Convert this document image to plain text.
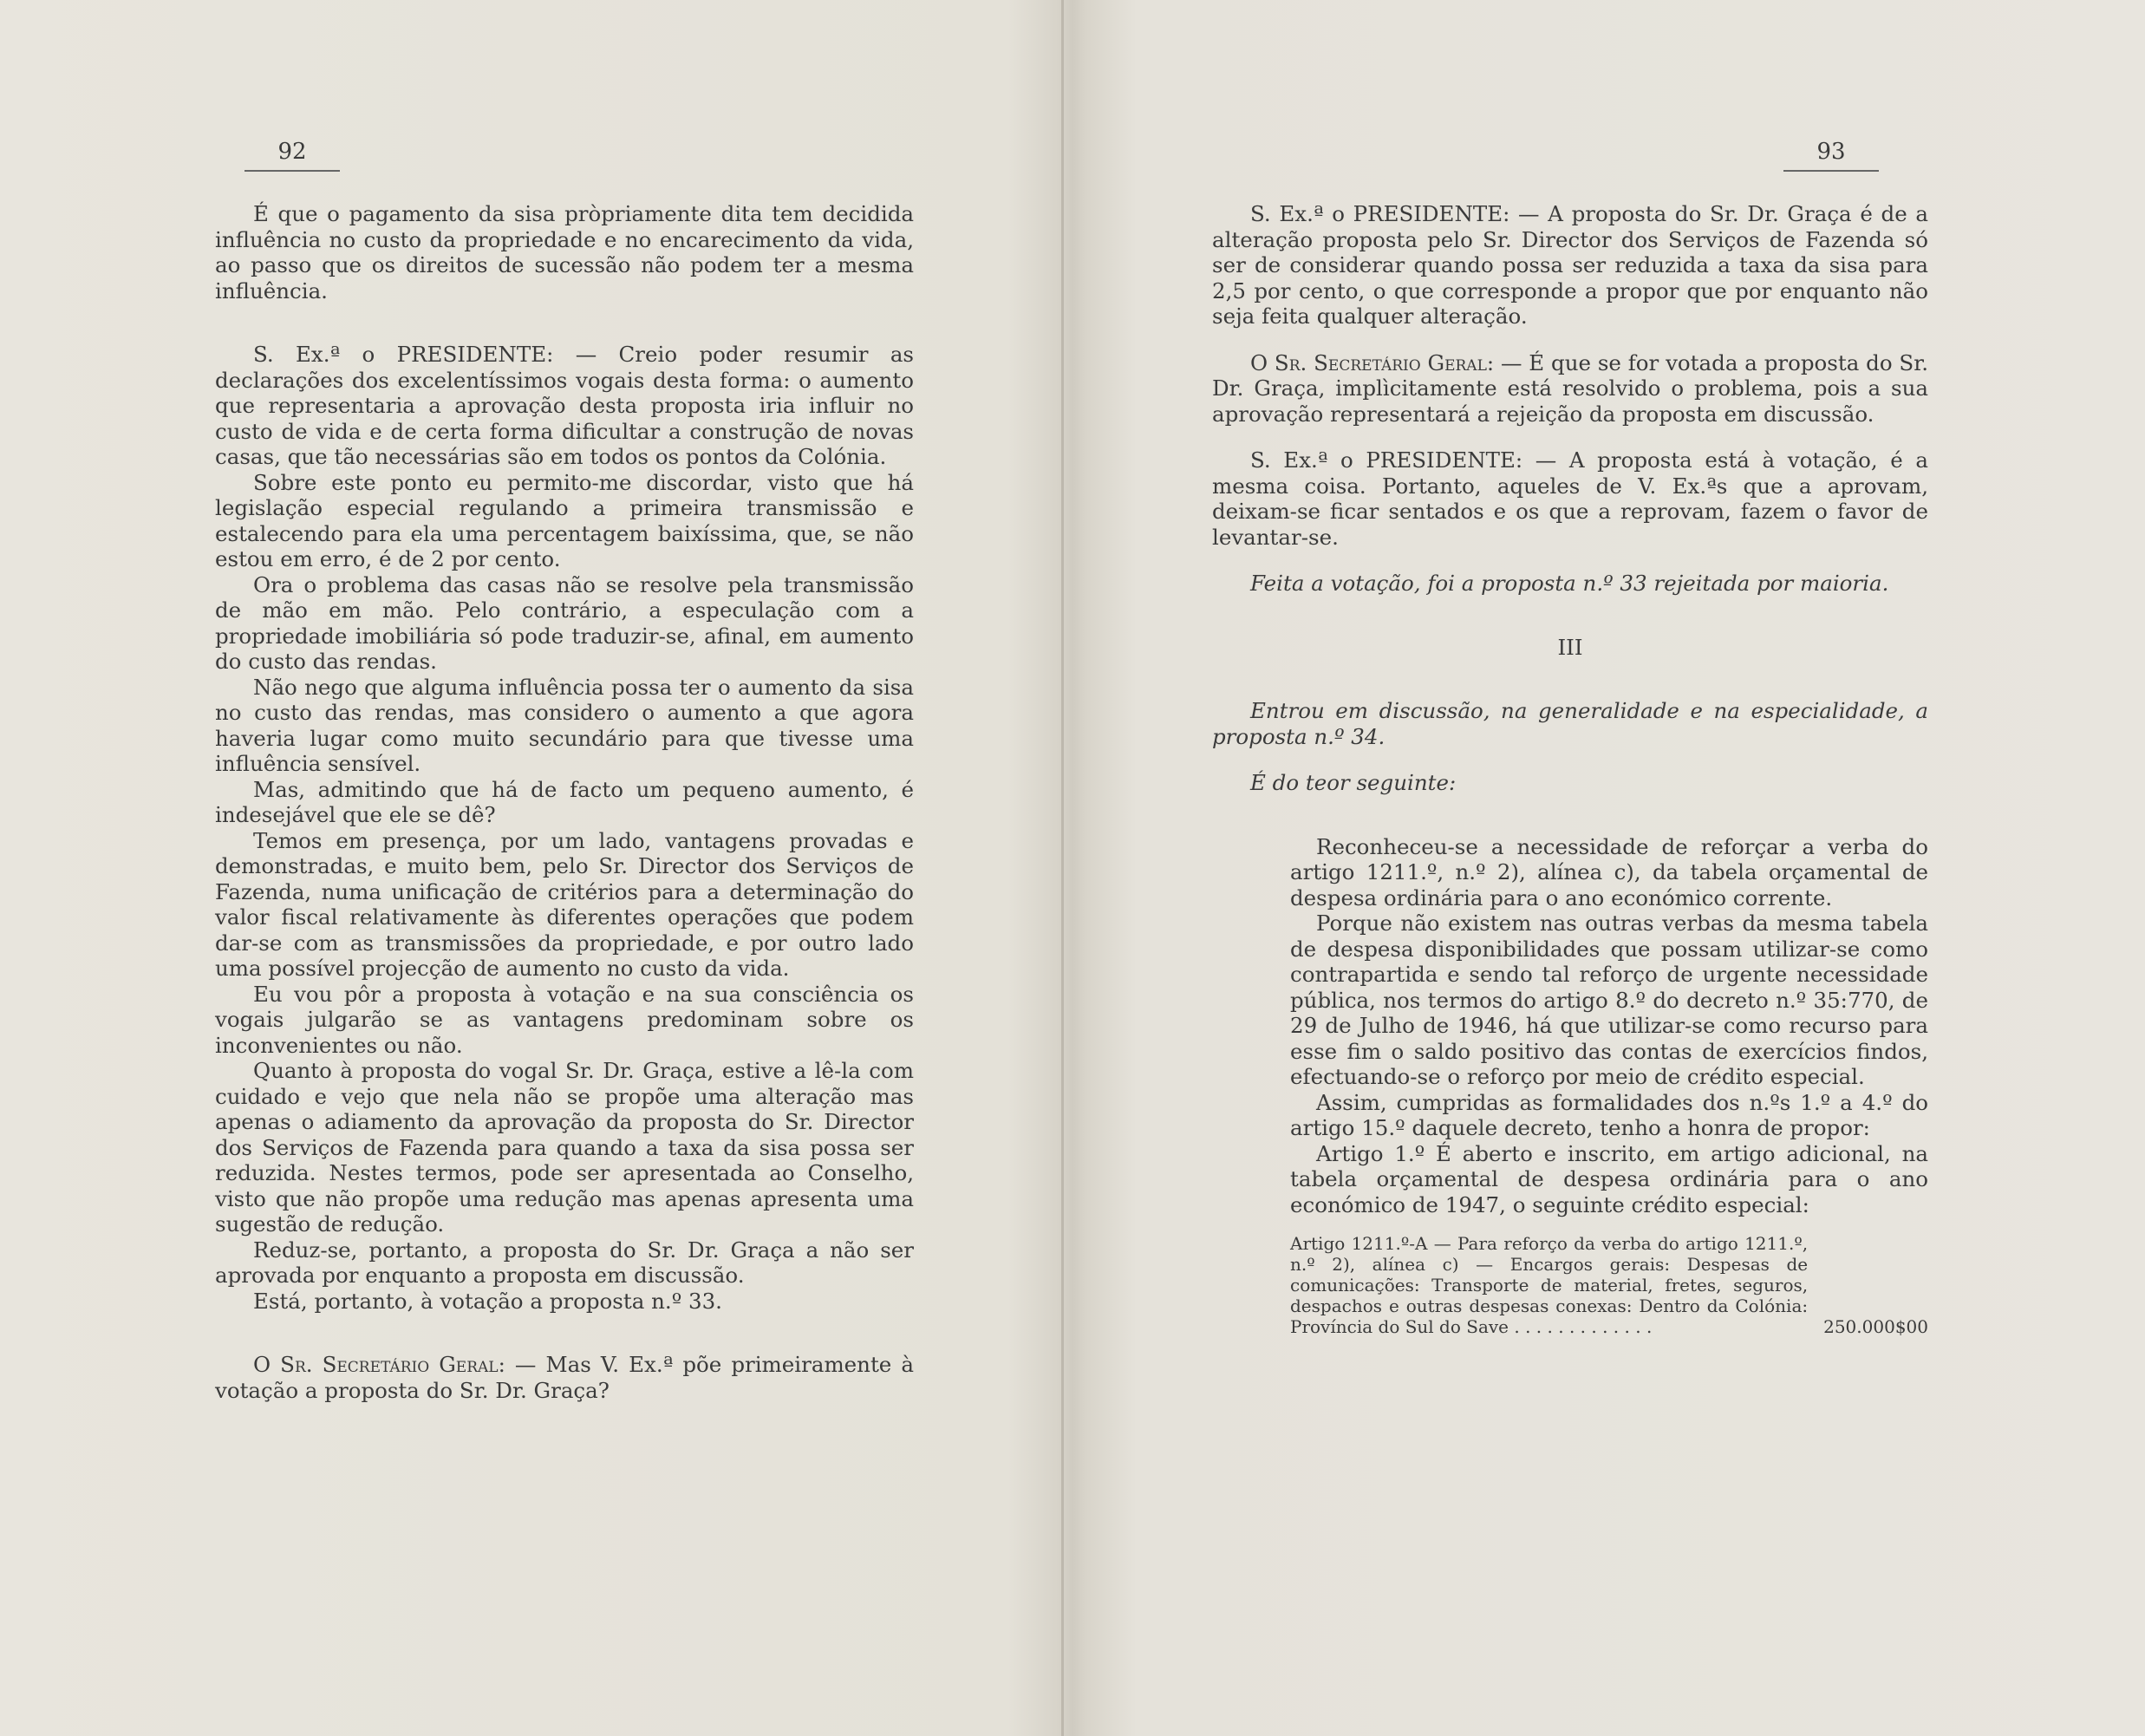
92

É que o pagamento da sisa pròpriamente dita tem decidida influência no custo da propriedade e no encarecimento da vida, ao passo que os direitos de sucessão não podem ter a mesma influência.

S. Ex.ª o PRESIDENTE: — Creio poder resumir as declarações dos excelentíssimos vogais desta forma: o aumento que representaria a aprovação desta proposta iria influir no custo de vida e de certa forma dificultar a construção de novas casas, que tão necessárias são em todos os pontos da Colónia.

Sobre este ponto eu permito-me discordar, visto que há legislação especial regulando a primeira transmissão e estalecendo para ela uma percentagem baixíssima, que, se não estou em erro, é de 2 por cento.

Ora o problema das casas não se resolve pela transmissão de mão em mão. Pelo contrário, a especulação com a propriedade imobiliária só pode traduzir-se, afinal, em aumento do custo das rendas.

Não nego que alguma influência possa ter o aumento da sisa no custo das rendas, mas considero o aumento a que agora haveria lugar como muito secundário para que tivesse uma influência sensível.

Mas, admitindo que há de facto um pequeno aumento, é indesejável que ele se dê?

Temos em presença, por um lado, vantagens provadas e demonstradas, e muito bem, pelo Sr. Director dos Serviços de Fazenda, numa unificação de critérios para a determinação do valor fiscal relativamente às diferentes operações que podem dar-se com as transmissões da propriedade, e por outro lado uma possível projecção de aumento no custo da vida.

Eu vou pôr a proposta à votação e na sua consciência os vogais julgarão se as vantagens predominam sobre os inconvenientes ou não.

Quanto à proposta do vogal Sr. Dr. Graça, estive a lê-la com cuidado e vejo que nela não se propõe uma alteração mas apenas o adiamento da aprovação da proposta do Sr. Director dos Serviços de Fazenda para quando a taxa da sisa possa ser reduzida. Nestes termos, pode ser apresentada ao Conselho, visto que não propõe uma redução mas apenas apresenta uma sugestão de redução.

Reduz-se, portanto, a proposta do Sr. Dr. Graça a não ser aprovada por enquanto a proposta em discussão.

Está, portanto, à votação a proposta n.º 33.

O Sr. Secretário Geral: — Mas V. Ex.ª põe primeiramente à votação a proposta do Sr. Dr. Graça?

93

S. Ex.ª o PRESIDENTE: — A proposta do Sr. Dr. Graça é de a alteração proposta pelo Sr. Director dos Serviços de Fazenda só ser de considerar quando possa ser reduzida a taxa da sisa para 2,5 por cento, o que corresponde a propor que por enquanto não seja feita qualquer alteração.

O Sr. Secretário Geral: — É que se for votada a proposta do Sr. Dr. Graça, implìcitamente está resolvido o problema, pois a sua aprovação representará a rejeição da proposta em discussão.

S. Ex.ª o PRESIDENTE: — A proposta está à votação, é a mesma coisa. Portanto, aqueles de V. Ex.ªs que a aprovam, deixam-se ficar sentados e os que a reprovam, fazem o favor de levantar-se.

Feita a votação, foi a proposta n.º 33 rejeitada por maioria.

III

Entrou em discussão, na generalidade e na especialidade, a proposta n.º 34.

É do teor seguinte:

Reconheceu-se a necessidade de reforçar a verba do artigo 1211.º, n.º 2), alínea c), da tabela orçamental de despesa ordinária para o ano económico corrente.

Porque não existem nas outras verbas da mesma tabela de despesa disponibilidades que possam utilizar-se como contrapartida e sendo tal reforço de urgente necessidade pública, nos termos do artigo 8.º do decreto n.º 35:770, de 29 de Julho de 1946, há que utilizar-se como recurso para esse fim o saldo positivo das contas de exercícios findos, efectuando-se o reforço por meio de crédito especial.

Assim, cumpridas as formalidades dos n.ºs 1.º a 4.º do artigo 15.º daquele decreto, tenho a honra de propor:

Artigo 1.º É aberto e inscrito, em artigo adicional, na tabela orçamental de despesa ordinária para o ano económico de 1947, o seguinte crédito especial:

Artigo 1211.º-A — Para reforço da verba do artigo 1211.º, n.º 2), alínea c) — Encargos gerais: Despesas de comunicações: Transporte de material, fretes, seguros, despachos e outras despesas conexas: Dentro da Colónia: Província do Sul do Save . . . . . . . . . . . . .	250.000$00
